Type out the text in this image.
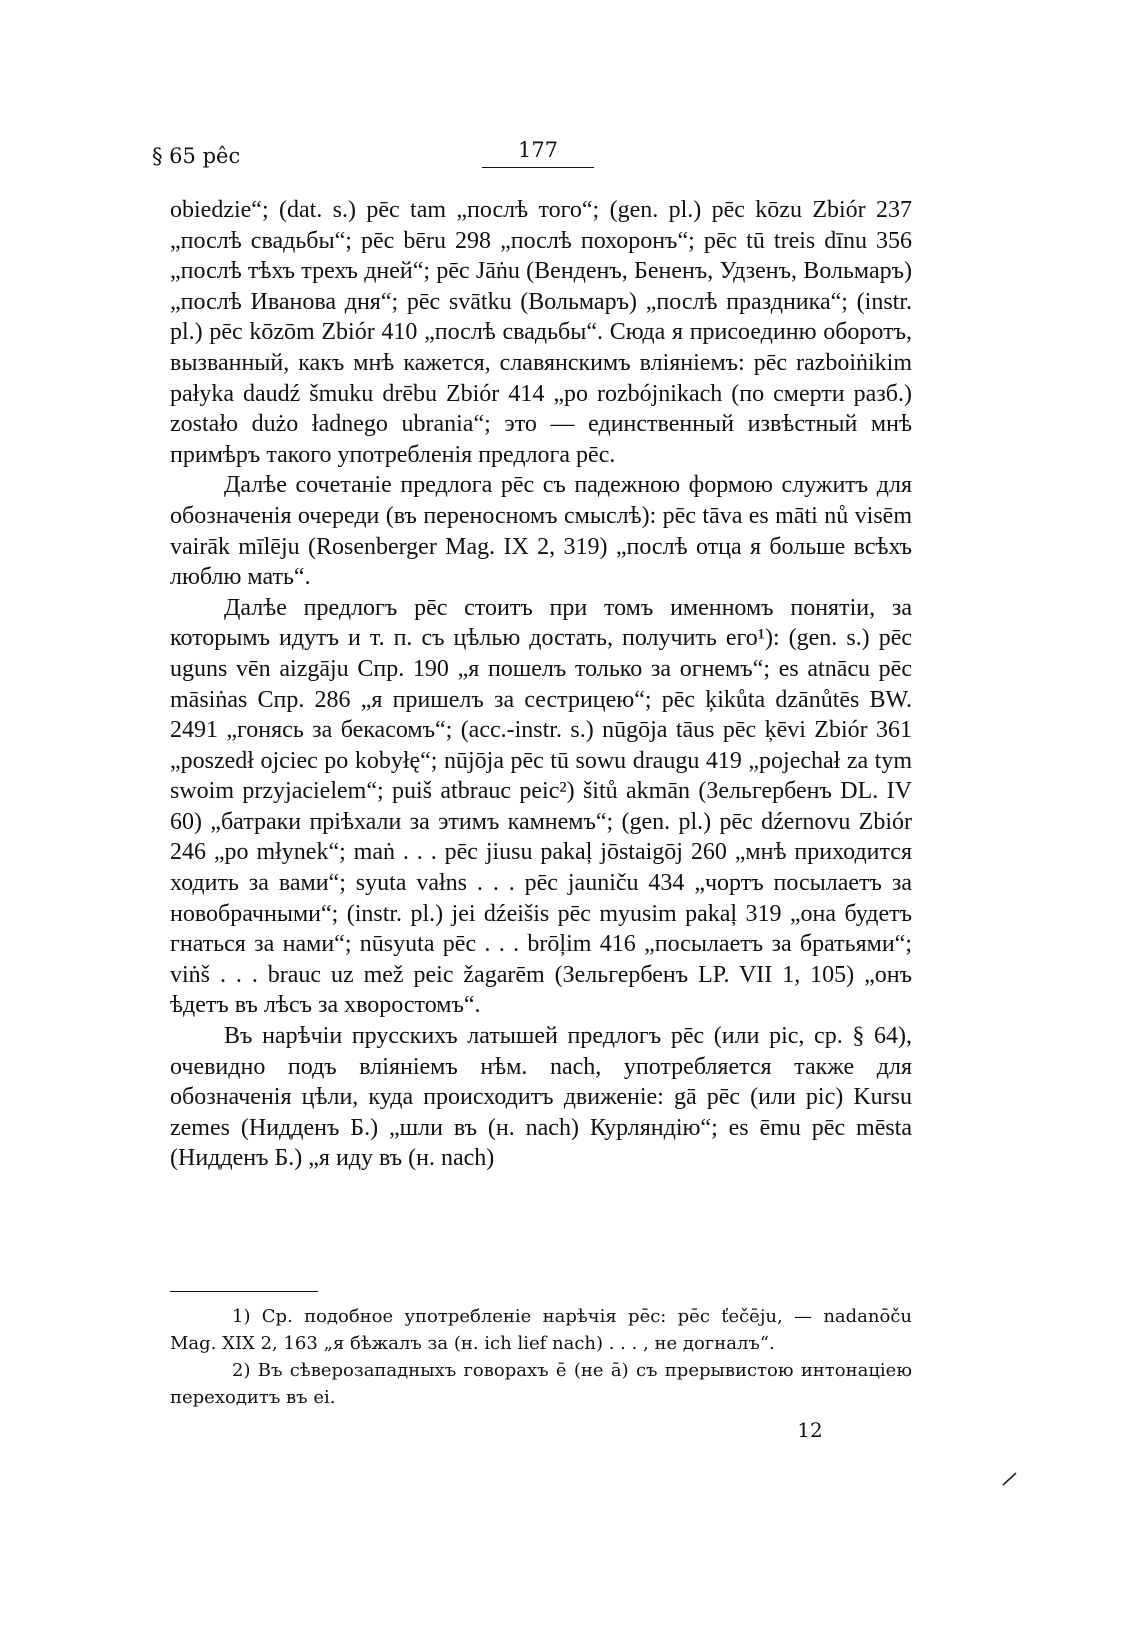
§ 65 pêc	177

obiedzie“; (dat. s.) pēc tam „послѣ того“; (gen. pl.) pēc kōzu Zbiór 237 „послѣ свадьбы“; pēc bēru 298 „послѣ похоронъ“; pēc tū treis dīnu 356 „послѣ тѣхъ трехъ дней“; pēc Jāṅu (Венденъ, Бененъ, Удзенъ, Вольмаръ) „послѣ Иванова дня“; pēc svātku (Вольмаръ) „послѣ праздника“; (instr. pl.) pēc kōzōm Zbiór 410 „послѣ свадьбы“. Сюда я присоединю оборотъ, вызванный, какъ мнѣ кажется, славянскимъ вліяніемъ: pēc razboiṅikim pałyka daudź šmuku drēbu Zbiór 414 „po rozbójnikach (по смерти разб.) zostało dużo ładnego ubrania“; это — единственный извѣстный мнѣ примѣръ такого употребленія предлога pēc.

Далѣе сочетаніе предлога pēc съ падежною формою служитъ для обозначенія очереди (въ переносномъ смыслѣ): pēc tāva es māti nů visēm vairāk mīlēju (Rosenberger Mag. IX 2, 319) „послѣ отца я больше всѣхъ люблю мать“.

Далѣе предлогъ pēc стоитъ при томъ именномъ понятіи, за которымъ идутъ и т. п. съ цѣлью достать, получить его¹): (gen. s.) pēc uguns vēn aizgāju Спр. 190 „я пошелъ только за огнемъ“; es atnācu pēc māsiṅas Спр. 286 „я пришелъ за сестрицею“; pēc ķikůta dzānůtēs BW. 2491 „гонясь за бекасомъ“; (acc.-instr. s.) nūgōja tāus pēc ķēvi Zbiór 361 „poszedł ojciec po kobyłę“; nūjōja pēc tū sowu draugu 419 „pojechał za tym swoim przyjacielem“; puiš atbrauc peic²) šitů akmān (Зельгербенъ DL. IV 60) „батраки пріѣхали за этимъ камнемъ“; (gen. pl.) pēc dźernovu Zbiór 246 „po młynek“; maṅ . . . pēc jiusu pakaļ jōstaigōj 260 „мнѣ приходится ходить за вами“; syuta vałns . . . pēc jauniču 434 „чортъ посылаетъ за новобрачными“; (instr. pl.) jei dźeišis pēc myusim pakaļ 319 „она будетъ гнаться за нами“; nūsyuta pēc . . . brōļim 416 „посылаетъ за братьями“; viṅš . . . brauc uz mež peic žagarēm (Зельгербенъ LP. VII 1, 105) „онъ ѣдетъ въ лѣсъ за хворостомъ“.

Въ нарѣчіи прусскихъ латышей предлогъ pēc (или pic, ср. § 64), очевидно подъ вліяніемъ нѣм. nach, употребляется также для обозначенія цѣли, куда происходитъ движеніе: gā pēc (или pic) Kursu zemes (Нидденъ Б.) „шли въ (н. nach) Курляндію“; es ēmu pēc mēsta (Нидденъ Б.) „я иду въ (н. nach)

1) Ср. подобное употребленіе нарѣчія pēc: pēc ťečēju, — nadanōču Mag. XIX 2, 163 „я бѣжалъ за (н. ich lief nach) . . . , не догналъ“.

2) Въ сѣверозападныхъ говорахъ ē (не ā) съ прерывистою интонаціею переходитъ въ ei.

12
